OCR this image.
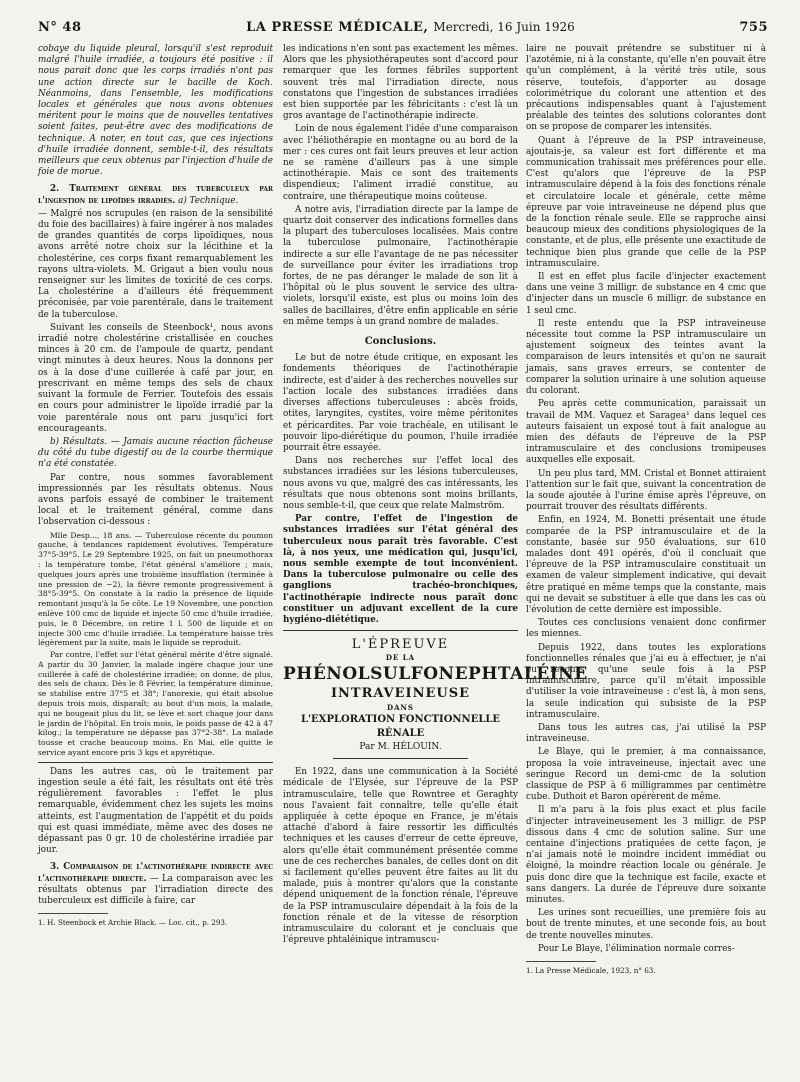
N° 48	LA PRESSE MÉDICALE, Mercredi, 16 Juin 1926	755

cobaye du liquide pleural, lorsqu'il s'est reproduit malgré l'huile irradiée, a toujours été positive : il nous parait donc que les corps irradiés n'ont pas une action directe sur le bacille de Koch. Néanmoins, dans l'ensemble, les modifications locales et générales que nous avons obtenues méritent pour le moins que de nouvelles tentatives soient faites, peut-être avec des modifications de technique. A noter, en tout cas, que ces injections d'huile irradiée donnent, semble-t-il, des résultats meilleurs que ceux obtenus par l'injection d'huile de foie de morue.

2. Traitement général des tuberculeux par l'ingestion de lipoïdes irradiés. a) Technique.

— Malgré nos scrupules (en raison de la sensibilité du foie des bacillaires) à faire ingérer à nos malades de grandes quantités de corps lipoïdiques, nous avons arrêté notre choix sur la lécithine et la cholestérine, ces corps fixant remarquablement les rayons ultra-violets. M. Grigaut a bien voulu nous renseigner sur les limites de toxicité de ces corps. La cholestérine a d'ailleurs été fréquemment préconisée, par voie parentérale, dans le traitement de la tuberculose.

Suivant les conseils de Steenbock¹, nous avons irradié notre cholestérine cristallisée en couches minces à 20 cm. de l'ampoule de quartz, pendant vingt minutes à deux heures. Nous la donnons per os à la dose d'une cuillerée à café par jour, en prescrivant en même temps des sels de chaux suivant la formule de Ferrier. Toutefois des essais en cours pour administrer le lipoïde irradié par la voie parentérale nous ont paru jusqu'ici fort encourageants.

b) Résultats. — Jamais aucune réaction fâcheuse du côté du tube digestif ou de la courbe thermique n'a été constatée.

Par contre, nous sommes favorablement impressionnés par les résultats obtenus. Nous avons parfois essayé de combiner le traitement local et le traitement général, comme dans l'observation ci-dessous :

Mlle Desp..., 18 ans. — Tuberculose récente du poumon gauche, à tendances rapidement évolutives. Température 37°5-39°5. Le 29 Septembre 1925, on fait un pneumothorax : la température tombe, l'état général s'améliore ; mais, quelques jours après une troisième insufflation (terminée à une pression de −2), la fièvre remonte progressivement à 38°5-39°5. On constate à la radio la présence de liquide remontant jusqu'à la 5e côte. Le 19 Novembre, une ponction enlève 100 cmc de liquide et injecte 50 cmc d'huile irradiée, puis, le 8 Décembre, on retire 1 l. 500 de liquide et on injecte 300 cmc d'huile irradiée. La température baisse très légèrement par la suite, mais le liquide se reproduit.

Par contre, l'effet sur l'état général mérite d'être signalé. A partir du 30 Janvier, la malade ingère chaque jour une cuillerée à café de cholestérine irradiée; on donne, de plus, des sels de chaux. Dès le 8 Février, la température diminue, se stabilise entre 37°5 et 38°; l'anorexie, qui était absolue depuis trois mois, disparaît; au bout d'un mois, la malade, qui ne bougeait plus du lit, se lève et sort chaque jour dans le jardin de l'hôpital. En trois mois, le poids passe de 42 à 47 kilog.; la température ne dépasse pas 37°2-38°. La malade tousse et crache beaucoup moins. En Mai, elle quitte le service ayant encore pris 3 kgs et apyrétique.

Dans les autres cas, où le traitement par ingestion seule a été fait, les résultats ont été très régulièrement favorables : l'effet le plus remarquable, évidemment chez les sujets les moins atteints, est l'augmentation de l'appétit et du poids qui est quasi immédiate, même avec des doses ne dépassant pas 0 gr. 10 de cholestérine irradiée par jour.

3. Comparaison de l'actinothérapie indirecte avec l'actinothérapie directe. — La comparaison avec les résultats obtenus par l'irradiation directe des tuberculeux est difficile à faire, car

1. H. Steenbock et Archie Black. — Loc. cit., p. 293.

les indications n'en sont pas exactement les mêmes. Alors que les physiothérapeutes sont d'accord pour remarquer que les formes fébriles supportent souvent très mal l'irradiation directe, nous constatons que l'ingestion de substances irradiées est bien supportée par les fébricitants : c'est là un gros avantage de l'actinothérapie indirecte.

Loin de nous également l'idée d'une comparaison avec l'héliothérapie en montagne ou au bord de la mer : ces cures ont fait leurs preuves et leur action ne se ramène d'ailleurs pas à une simple actinothérapie. Mais ce sont des traitements dispendieux; l'aliment irradié constitue, au contraire, une thérapeutique moins coûteuse.

A notre avis, l'irradiation directe par la lampe de quartz doit conserver des indications formelles dans la plupart des tuberculoses localisées. Mais contre la tuberculose pulmonaire, l'actinothérapie indirecte a sur elle l'avantage de ne pas nécessiter de surveillance pour éviter les irradiations trop fortes, de ne pas déranger le malade de son lit à l'hôpital où le plus souvent le service des ultra-violets, lorsqu'il existe, est plus ou moins loin des salles de bacillaires, d'être enfin applicable en série en même temps à un grand nombre de malades.

Conclusions.

Le but de notre étude critique, en exposant les fondements théoriques de l'actinothérapie indirecte, est d'aider à des recherches nouvelles sur l'action locale des substances irradiées dans diverses affections tuberculeuses : abcès froids, otites, laryngites, cystites, voire même péritonites et péricardites. Par voie trachéale, en utilisant le pouvoir lipo-diérétique du poumon, l'huile irradiée pourrait être essayée.

Dans nos recherches sur l'effet local des substances irradiées sur les lésions tuberculeuses, nous avons vu que, malgré des cas intéressants, les résultats que nous obtenons sont moins brillants, nous semble-t-il, que ceux que relate Malmström.

Par contre, l'effet de l'ingestion de substances irradiées sur l'état général des tuberculeux nous paraît très favorable. C'est là, à nos yeux, une médication qui, jusqu'ici, nous semble exempte de tout inconvénient. Dans la tuberculose pulmonaire ou celle des ganglions trachéo-bronchiques, l'actinothérapie indirecte nous paraît donc constituer un adjuvant excellent de la cure hygiéno-diététique.

L'ÉPREUVE
DE LA
PHÉNOLSULFONEPHTALÉINE
INTRAVEINEUSE
DANS
L'EXPLORATION FONCTIONNELLE RÉNALE
Par M. HÉLOUIN.

En 1922, dans une communication à la Société médicale de l'Elysée, sur l'épreuve de la PSP intramusculaire, telle que Rowntree et Geraghty nous l'avaient fait connaître, telle qu'elle était appliquée à cette époque en France, je m'étais attaché d'abord à faire ressortir les difficultés techniques et les causes d'erreur de cette épreuve, alors qu'elle était communément présentée comme une de ces recherches banales, de celles dont on dit si facilement qu'elles peuvent être faites au lit du malade, puis à montrer qu'alors que la constante dépend uniquement de la fonction rénale, l'épreuve de la PSP intramusculaire dépendait à la fois de la fonction rénale et de la vitesse de résorption intramusculaire du colorant et je concluais que l'épreuve phtaléinique intramuscu-

laire ne pouvait prétendre se substituer ni à l'azotémie, ni à la constante, qu'elle n'en pouvait être qu'un complément, à la vérité très utile, sous réserve, toutefois, d'apporter au dosage colorimétrique du colorant une attention et des précautions indispensables quant à l'ajustement préalable des teintes des solutions colorantes dont on se propose de comparer les intensités.

Quant à l'épreuve de la PSP intraveineuse, ajoutais-je, sa valeur est fort différente et ma communication trahissait mes préférences pour elle. C'est qu'alors que l'épreuve de la PSP intramusculaire dépend à la fois des fonctions rénale et circulatoire locale et générale, cette même épreuve par voie intraveineuse ne dépend plus que de la fonction rénale seule. Elle se rapproche ainsi beaucoup mieux des conditions physiologiques de la constante, et de plus, elle présente une exactitude de technique bien plus grande que celle de la PSP intramusculaire.

Il est en effet plus facile d'injecter exactement dans une veine 3 milligr. de substance en 4 cmc que d'injecter dans un muscle 6 milligr. de substance en 1 seul cmc.

Il reste entendu que la PSP intraveineuse nécessite tout comme la PSP intramusculaire un ajustement soigneux des teintes avant la comparaison de leurs intensités et qu'on ne saurait jamais, sans graves erreurs, se contenter de comparer la solution urinaire à une solution aqueuse du colorant.

Peu après cette communication, paraissait un travail de MM. Vaquez et Saragea¹ dans lequel ces auteurs faisaient un exposé tout à fait analogue au mien des défauts de l'épreuve de la PSP intramusculaire et des conclusions tromipeuses auxquelles elle exposait.

Un peu plus tard, MM. Cristal et Bonnet attiraient l'attention sur le fait que, suivant la concentration de la soude ajoutée à l'urine émise après l'épreuve, on pourrait trouver des résultats différents.

Enfin, en 1924, M. Bonetti présentait une étude comparée de la PSP intramusculaire et de la constante, basée sur 950 évaluations, sur 610 malades dont 491 opérés, d'où il concluait que l'épreuve de la PSP intramusculaire constituait un examen de valeur simplement indicative, qui devait être pratiqué en même temps que la constante, mais qui ne devait se substituer à elle que dans les cas où l'évolution de cette dernière est impossible.

Toutes ces conclusions venaient donc confirmer les miennes.

Depuis 1922, dans toutes les explorations fonctionnelles rénales que j'ai eu à effectuer, je n'ai eu recours qu'une seule fois à la PSP intramusculaire, parce qu'il m'était impossible d'utiliser la voie intraveineuse : c'est là, à mon sens, la seule indication qui subsiste de la PSP intramusculaire.

Dans tous les autres cas, j'ai utilisé la PSP intraveineuse.

Le Blaye, qui le premier, à ma connaissance, proposa la voie intraveineuse, injectait avec une seringue Record un demi-cmc de la solution classique de PSP à 6 milligrammes par centimètre cube. Duthoit et Baron opérèrent de même.

Il m'a paru à la fois plus exact et plus facile d'injecter intraveineusement les 3 milligr. de PSP dissous dans 4 cmc de solution saline. Sur une centaine d'injections pratiquées de cette façon, je n'ai jamais noté le moindre incident immédiat ou éloigné, la moindre réaction locale ou générale. Je puis donc dire que la technique est facile, exacte et sans dangers. La durée de l'épreuve dure soixante minutes.

Les urines sont recueillies, une première fois au bout de trente minutes, et une seconde fois, au bout de trente nouvelles minutes.

Pour Le Blaye, l'élimination normale corres-

1. La Presse Médicale, 1923, n° 63.
